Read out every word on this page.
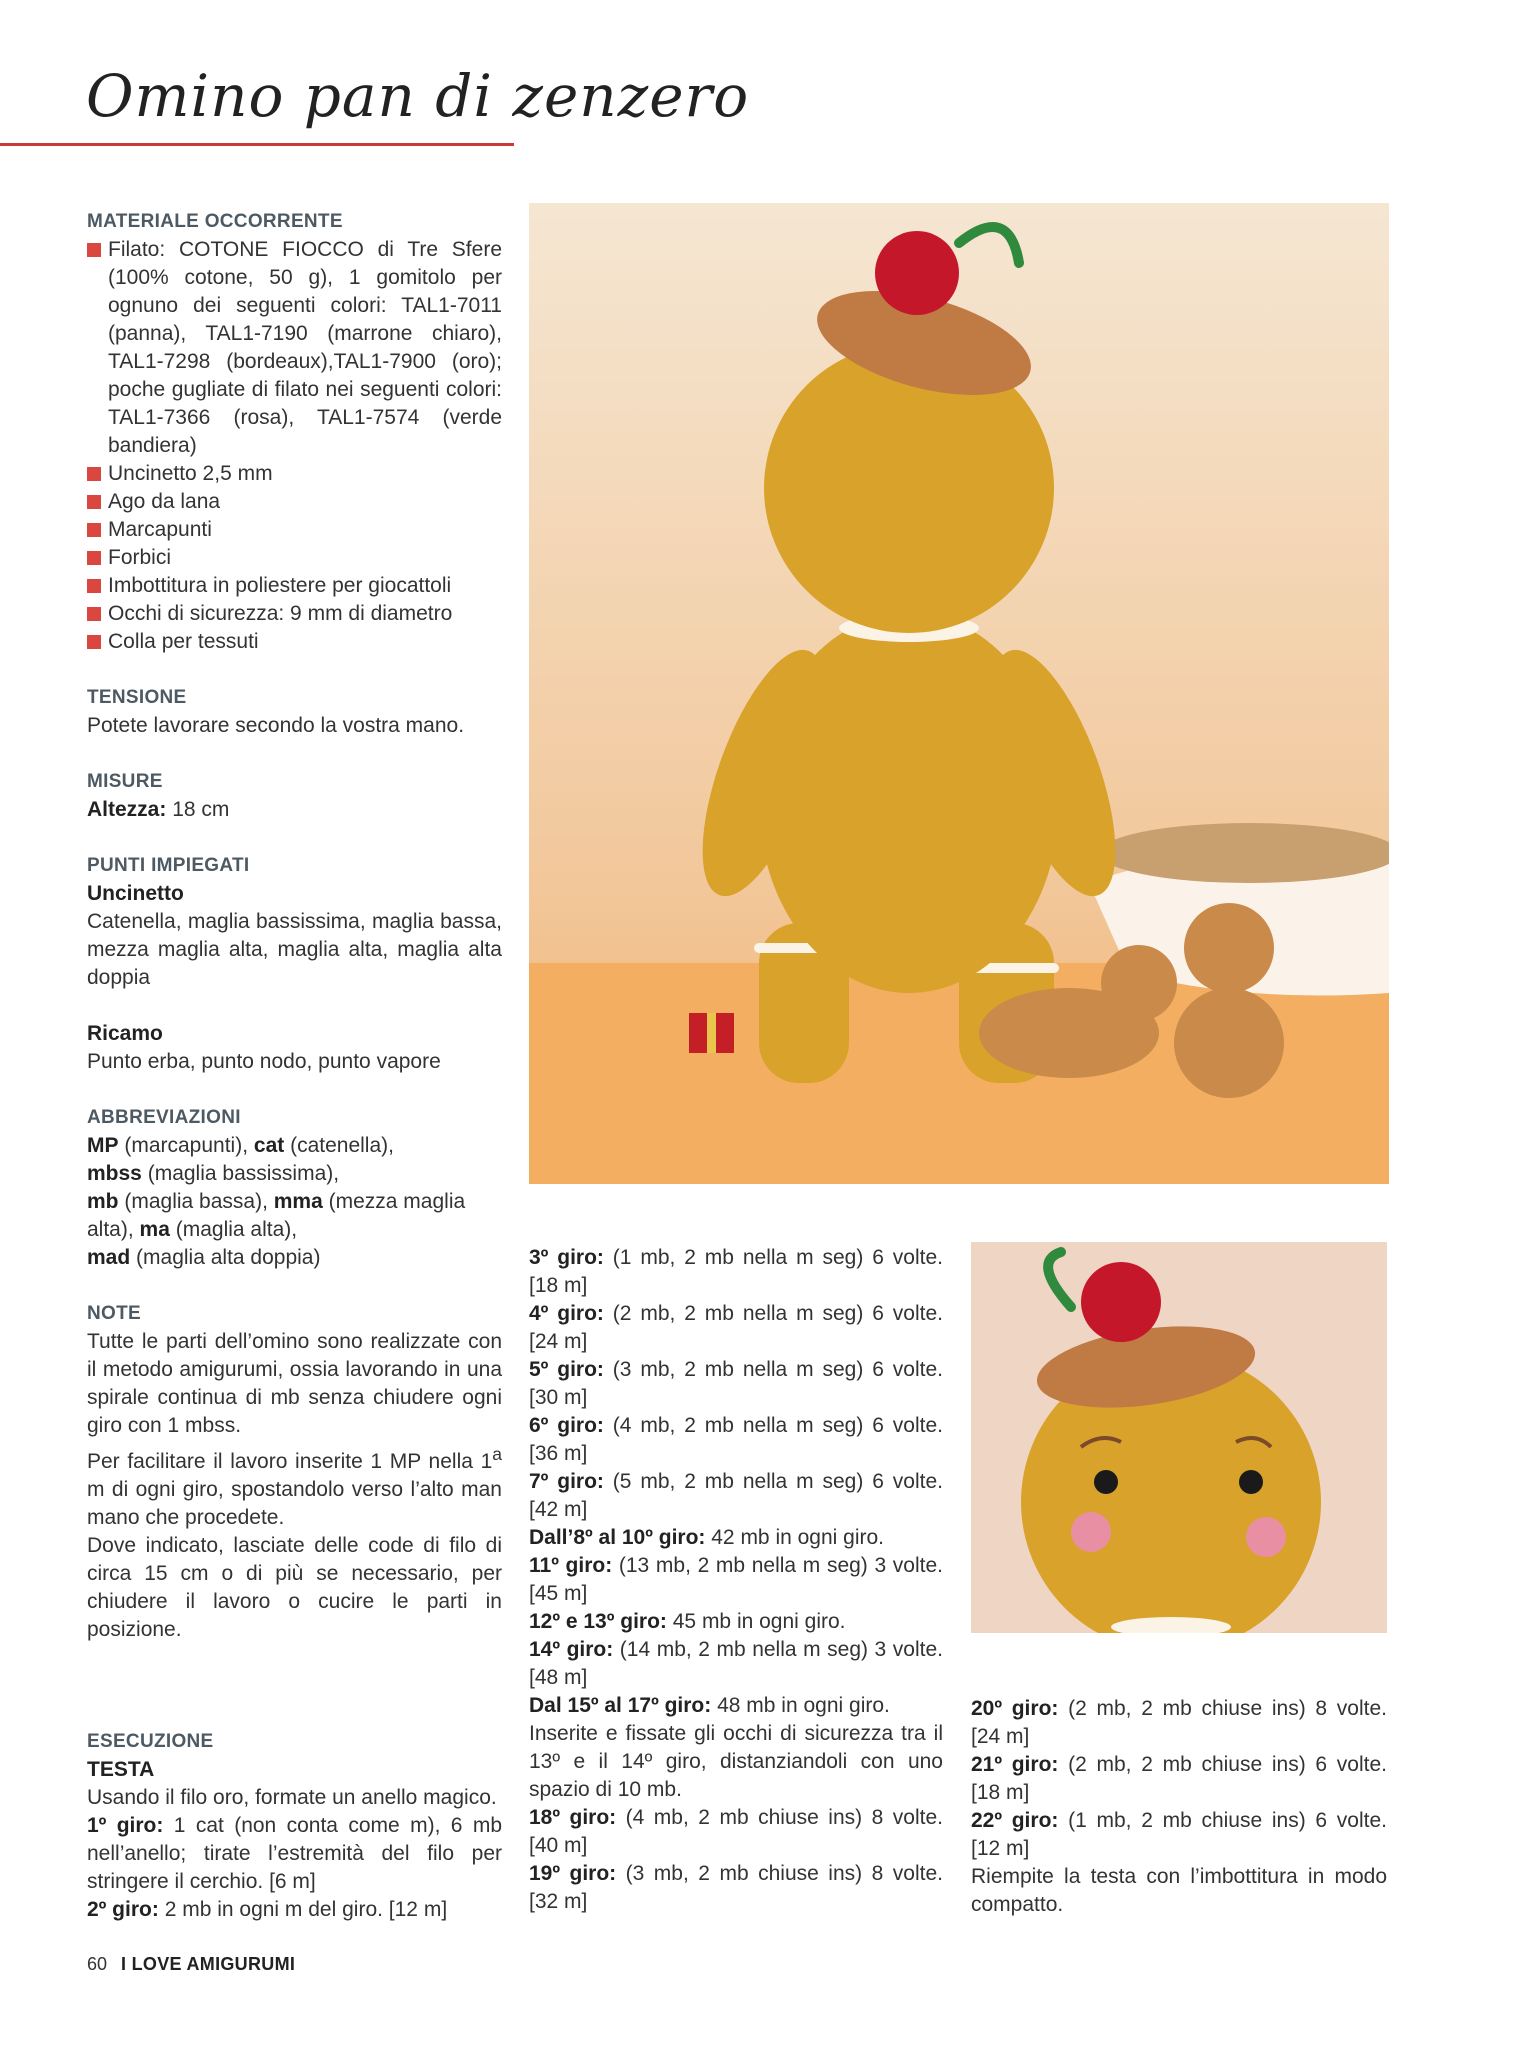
Omino pan di zenzero
MATERIALE OCCORRENTE
Filato: COTONE FIOCCO di Tre Sfere (100% cotone, 50 g), 1 gomitolo per ognuno dei seguenti colori: TAL1-7011 (panna), TAL1-7190 (marrone chiaro), TAL1-7298 (bordeaux),TAL1-7900 (oro); poche gugliate di filato nei seguenti colori: TAL1-7366 (rosa), TAL1-7574 (verde bandiera)
Uncinetto 2,5 mm
Ago da lana
Marcapunti
Forbici
Imbottitura in poliestere per giocattoli
Occhi di sicurezza: 9 mm di diametro
Colla per tessuti
TENSIONE
Potete lavorare secondo la vostra mano.
MISURE
Altezza: 18 cm
PUNTI IMPIEGATI
Uncinetto
Catenella, maglia bassissima, maglia bassa, mezza maglia alta, maglia alta, maglia alta doppia
Ricamo
Punto erba, punto nodo, punto vapore
ABBREVIAZIONI
MP (marcapunti), cat (catenella),
mbss (maglia bassissima),
mb (maglia bassa), mma (mezza maglia alta), ma (maglia alta),
mad (maglia alta doppia)
NOTE
Tutte le parti dell’omino sono realizzate con il metodo amigurumi, ossia lavorando in una spirale continua di mb senza chiudere ogni giro con 1 mbss.
Per facilitare il lavoro inserite 1 MP nella 1$^a$ m di ogni giro, spostandolo verso l’alto man mano che procedete.
Dove indicato, lasciate delle code di filo di circa 15 cm o di più se necessario, per chiudere il lavoro o cucire le parti in posizione.
ESECUZIONE
TESTA
Usando il filo oro, formate un anello magico.
1º giro: 1 cat (non conta come m), 6 mb nell’anello; tirate l’estremità del filo per stringere il cerchio. [6 m]
2º giro: 2 mb in ogni m del giro. [12 m]
3º giro: (1 mb, 2 mb nella m seg) 6 volte. [18 m]
4º giro: (2 mb, 2 mb nella m seg) 6 volte. [24 m]
5º giro: (3 mb, 2 mb nella m seg) 6 volte. [30 m]
6º giro: (4 mb, 2 mb nella m seg) 6 volte. [36 m]
7º giro: (5 mb, 2 mb nella m seg) 6 volte. [42 m]
Dall’8º al 10º giro: 42 mb in ogni giro.
11º giro: (13 mb, 2 mb nella m seg) 3 volte. [45 m]
12º e 13º giro: 45 mb in ogni giro.
14º giro: (14 mb, 2 mb nella m seg) 3 volte. [48 m]
Dal 15º al 17º giro: 48 mb in ogni giro.
Inserite e fissate gli occhi di sicurezza tra il 13º e il 14º giro, distanziandoli con uno spazio di 10 mb.
18º giro: (4 mb, 2 mb chiuse ins) 8 volte. [40 m]
19º giro: (3 mb, 2 mb chiuse ins) 8 volte. [32 m]
20º giro: (2 mb, 2 mb chiuse ins) 8 volte. [24 m]
21º giro: (2 mb, 2 mb chiuse ins) 6 volte. [18 m]
22º giro: (1 mb, 2 mb chiuse ins) 6 volte. [12 m]
Riempite la testa con l’imbottitura in modo compatto.
60 I LOVE AMIGURUMI
